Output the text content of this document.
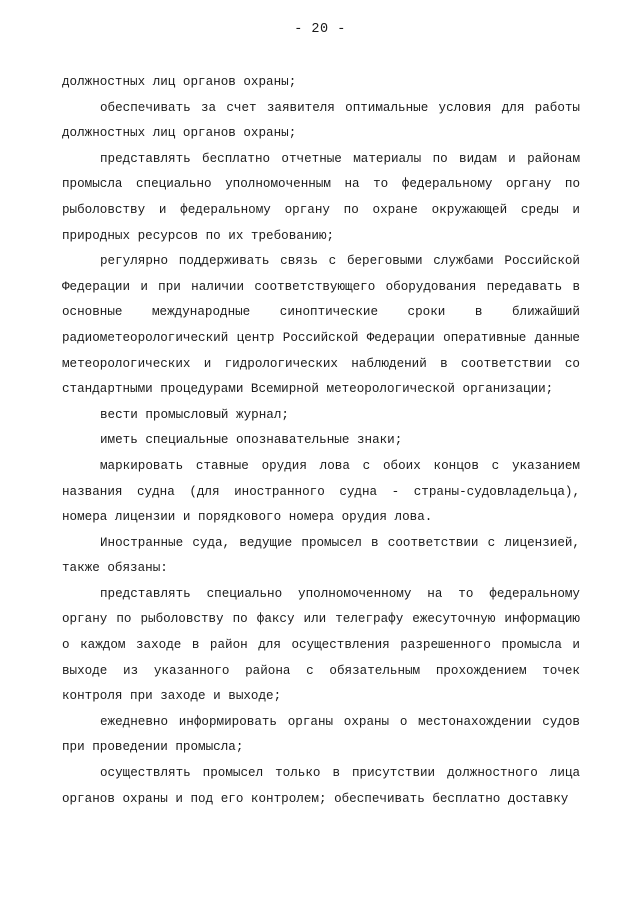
- 20 -

должностных лиц органов охраны;

обеспечивать за счет заявителя оптимальные условия для работы должностных лиц органов охраны;

представлять бесплатно отчетные материалы по видам и районам промысла специально уполномоченным на то федеральному органу по рыболовству и федеральному органу по охране окружающей среды и природных ресурсов по их требованию;

регулярно поддерживать связь с береговыми службами Российской Федерации и при наличии соответствующего оборудования передавать в основные международные синоптические сроки в ближайший радиометеорологический центр Российской Федерации оперативные данные метеорологических и гидрологических наблюдений в соответствии со стандартными процедурами Всемирной метеорологической организации;

вести промысловый журнал;

иметь специальные опознавательные знаки;

маркировать ставные орудия лова с обоих концов с указанием названия судна (для иностранного судна - страны-судовладельца), номера лицензии и порядкового номера орудия лова.

Иностранные суда, ведущие промысел в соответствии с лицензией, также обязаны:

представлять специально уполномоченному на то федеральному органу по рыболовству по факсу или телеграфу ежесуточную информацию о каждом заходе в район для осуществления разрешенного промысла и выходе из указанного района с обязательным прохождением точек контроля при заходе и выходе;

ежедневно информировать органы охраны о местонахождении судов при проведении промысла;

осуществлять промысел только в присутствии должностного лица органов охраны и под его контролем; обеспечивать бесплатно доставку
